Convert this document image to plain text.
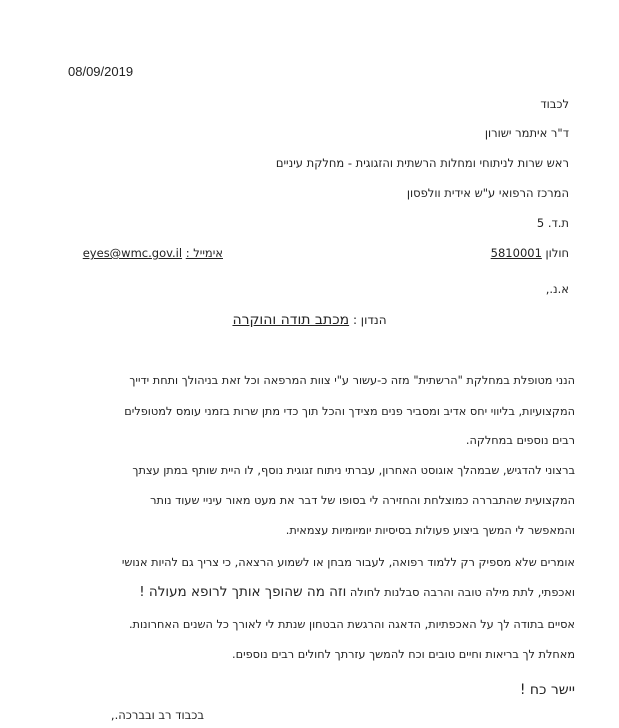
08/09/2019
לכבוד
ד"ר איתמר ישורון
ראש שרות לניתוחי ומחלות הרשתית והזגוגית - מחלקת עיניים
המרכז הרפואי ע"ש אידית וולפסון
ת.ד. 5
חולון 5810001
אימייל : eyes@wmc.gov.il
א.נ.,
הנדון : מכתב תודה והוקרה
הנני מטופלת במחלקת "הרשתית" מזה כ-עשור ע"י צוות המרפאה וכל זאת בניהולך ותחת ידייך
המקצועיות, בליווי יחס אדיב ומסביר פנים מצידך והכל תוך כדי מתן שרות בזמני עומס למטופלים
רבים נוספים במחלקה.
ברצוני להדגיש, שבמהלך אוגוסט האחרון, עברתי ניתוח זגוגית נוסף, לו היית שותף במתן עצתך
המקצועית שהתבררה כמוצלחת והחזירה לי בסופו של דבר את מעט מאור עיניי שעוד נותר
והמאפשר לי המשך ביצוע פעולות בסיסיות יומיומיות עצמאית.
אומרים שלא מספיק רק ללמוד רפואה, לעבור מבחן או לשמוע הרצאה, כי צריך גם להיות אנושי
ואכפתי, לתת מילה טובה והרבה סבלנות לחולה וזה מה שהופך אותך לרופא מעולה !
אסיים בתודה לך על האכפתיות, הדאגה והרגשת הבטחון שנתת לי לאורך כל השנים האחרונות.
מאחלת לך בריאות וחיים טובים וכח להמשך עזרתך לחולים רבים נוספים.
יישר כח !
בכבוד רב ובברכה.,
